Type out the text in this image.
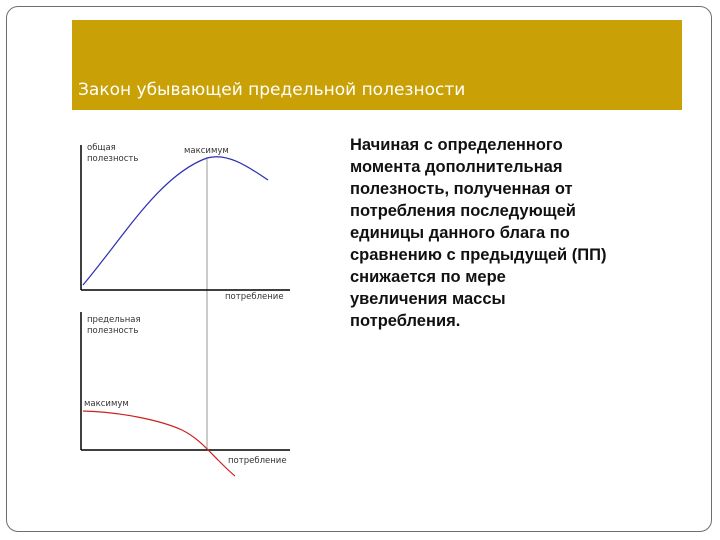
Закон убывающей предельной полезности
общая
полезность
максимум
потребление
предельная
полезность
максимум
потребление
Начиная с определенного
момента дополнительная
полезность, полученная от
потребления последующей
единицы данного блага по
сравнению с предыдущей (ПП)
снижается по мере
увеличения массы
потребления.
